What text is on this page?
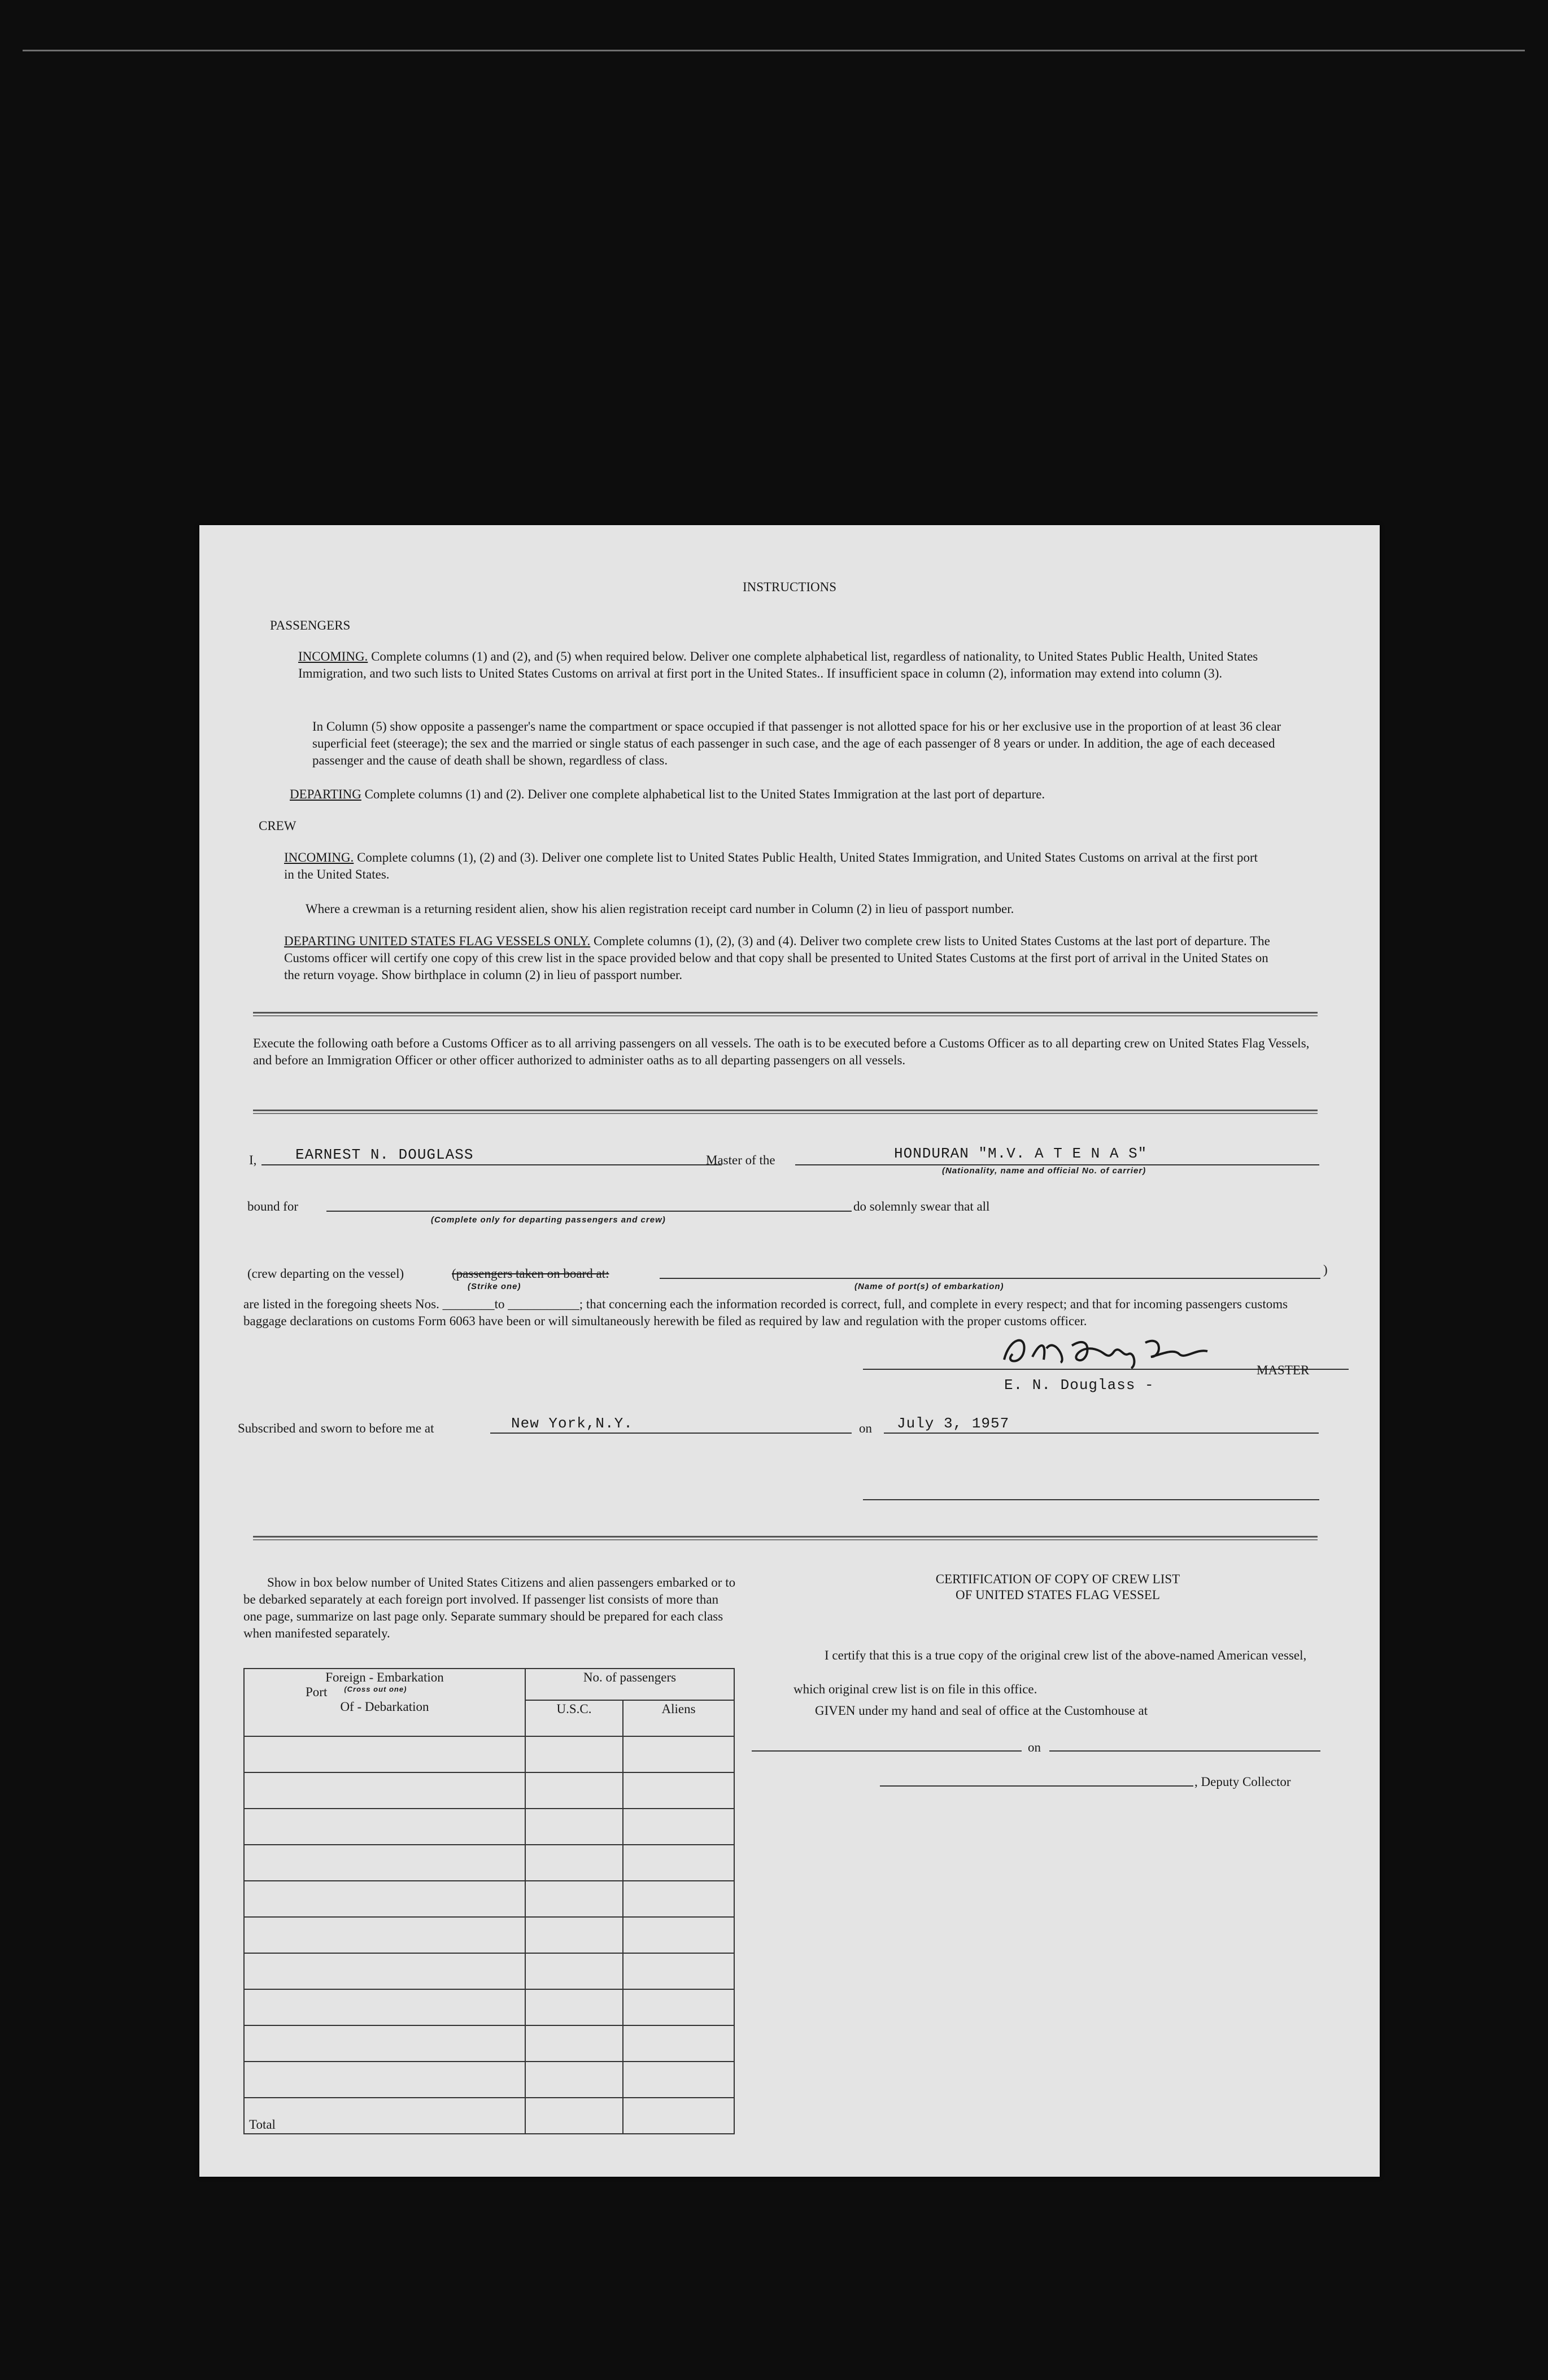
INSTRUCTIONS
PASSENGERS
INCOMING. Complete columns (1) and (2), and (5) when required below. Deliver one complete alphabetical list, regardless of nationality, to United States Public Health, United States Immigration, and two such lists to United States Customs on arrival at first port in the United States.. If insufficient space in column (2), information may extend into column (3).
In Column (5) show opposite a passenger's name the compartment or space occupied if that passenger is not allotted space for his or her exclusive use in the proportion of at least 36 clear superficial feet (steerage); the sex and the married or single status of each passenger in such case, and the age of each passenger of 8 years or under. In addition, the age of each deceased passenger and the cause of death shall be shown, regardless of class.
DEPARTING Complete columns (1) and (2). Deliver one complete alphabetical list to the United States Immigration at the last port of departure.
CREW
INCOMING. Complete columns (1), (2) and (3). Deliver one complete list to United States Public Health, United States Immigration, and United States Customs on arrival at the first port in the United States.
Where a crewman is a returning resident alien, show his alien registration receipt card number in Column (2) in lieu of passport number.
DEPARTING UNITED STATES FLAG VESSELS ONLY. Complete columns (1), (2), (3) and (4). Deliver two complete crew lists to United States Customs at the last port of departure. The Customs officer will certify one copy of this crew list in the space provided below and that copy shall be presented to United States Customs at the first port of arrival in the United States on the return voyage. Show birthplace in column (2) in lieu of passport number.
Execute the following oath before a Customs Officer as to all arriving passengers on all vessels. The oath is to be executed before a Customs Officer as to all departing crew on United States Flag Vessels, and before an Immigration Officer or other officer authorized to administer oaths as to all departing passengers on all vessels.
I,	EARNEST N. DOUGLASS	Master of the	HONDURAN "M.V. A T E N A S"
(Nationality, name and official No. of carrier)
bound for
(Complete only for departing passengers and crew)
do solemnly swear that all
(crew departing on the vessel)	(passengers taken on board at:
(Strike one)	(Name of port(s) of embarkation)
)
are listed in the foregoing sheets Nos. ________to ___________; that concerning each the information recorded is correct, full, and complete in every respect; and that for incoming passengers customs baggage declarations on customs Form 6063 have been or will simultaneously herewith be filed as required by law and regulation with the proper customs officer.
MASTER
E. N. Douglass -
Subscribed and sworn to before me at	New York,N.Y.	on July 3, 1957
Show in box below number of United States Citizens and alien passengers embarked or to be debarked separately at each foreign port involved. If passenger list consists of more than one page, summarize on last page only. Separate summary should be prepared for each class when manifested separately.
Foreign - Embarkation
Port (Cross out one)
Of - Debarkation	No. of passengers	
	U.S.C.	Aliens

Total		
CERTIFICATION OF COPY OF CREW LIST
OF UNITED STATES FLAG VESSEL
I certify that this is a true copy of the original crew list of the above-named American vessel, which original crew list is on file in this office.
GIVEN under my hand and seal of office at the Customhouse at
on
, Deputy Collector
